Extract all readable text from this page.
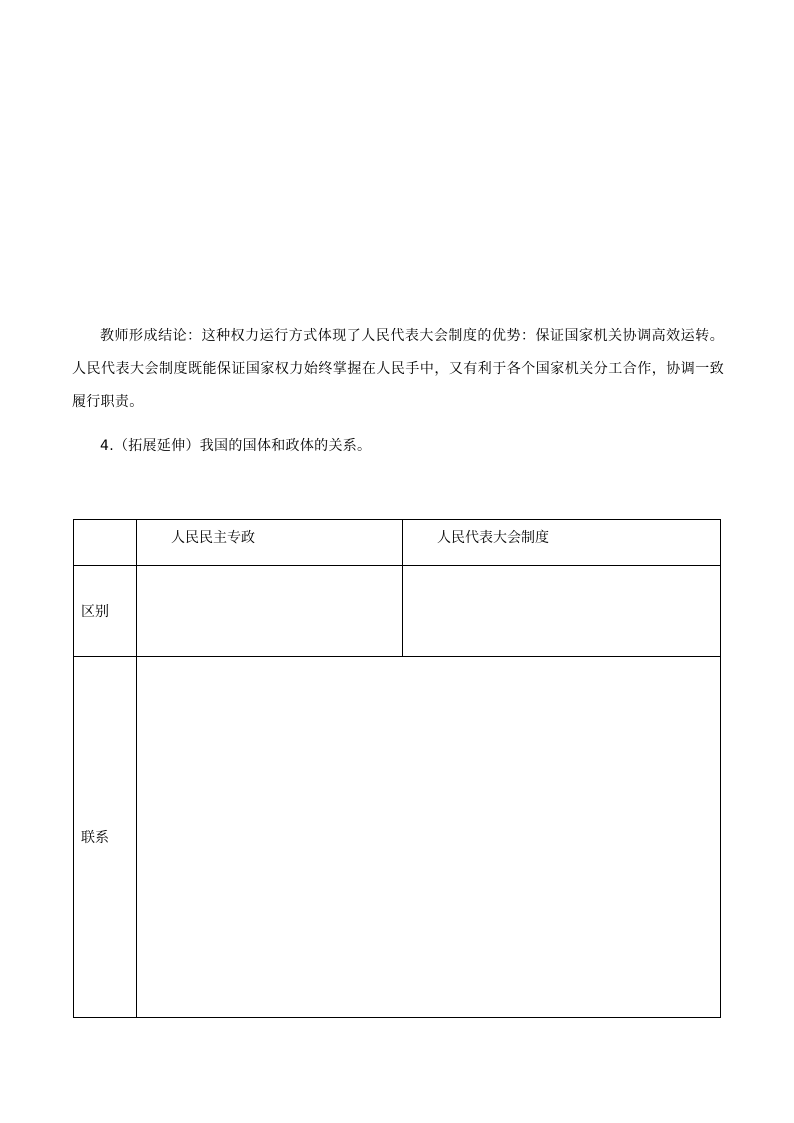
教师形成结论：这种权力运行方式体现了人民代表大会制度的优势：保证国家机关协调高效运转。人民代表大会制度既能保证国家权力始终掌握在人民手中，又有利于各个国家机关分工合作，协调一致履行职责。

4.（拓展延伸）我国的国体和政体的关系。

	人民民主专政	人民代表大会制度
区别		
联系		
